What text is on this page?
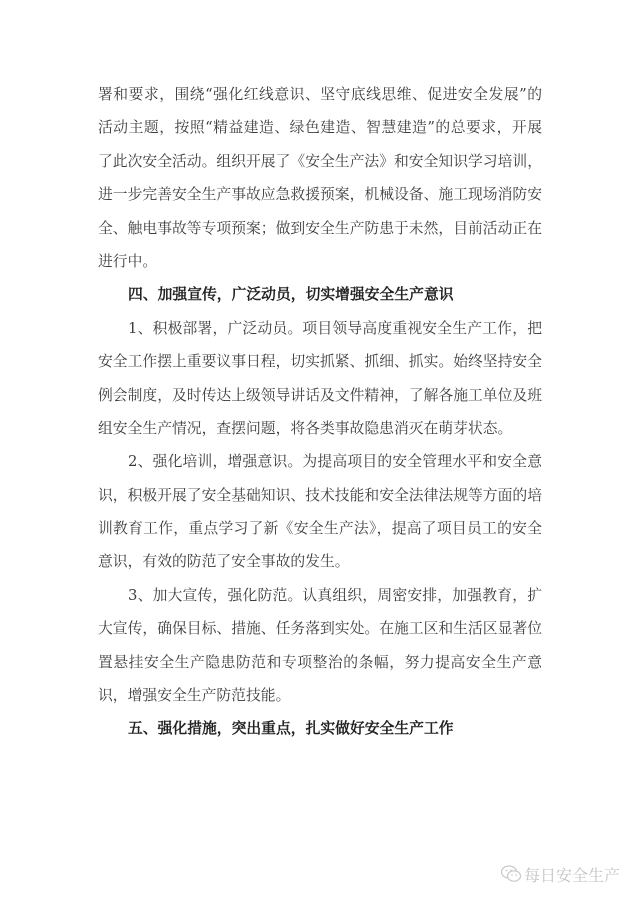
署和要求，围绕“强化红线意识、坚守底线思维、促进安全发展”的
活动主题，按照“精益建造、绿色建造、智慧建造”的总要求，开展
了此次安全活动。组织开展了《安全生产法》和安全知识学习培训，
进一步完善安全生产事故应急救援预案，机械设备、施工现场消防安
全、触电事故等专项预案；做到安全生产防患于未然，目前活动正在
进行中。
四、加强宣传，广泛动员，切实增强安全生产意识
1、积极部署，广泛动员。项目领导高度重视安全生产工作，把
安全工作摆上重要议事日程，切实抓紧、抓细、抓实。始终坚持安全
例会制度，及时传达上级领导讲话及文件精神，了解各施工单位及班
组安全生产情况，查摆问题，将各类事故隐患消灭在萌芽状态。
2、强化培训，增强意识。为提高项目的安全管理水平和安全意
识，积极开展了安全基础知识、技术技能和安全法律法规等方面的培
训教育工作，重点学习了新《安全生产法》，提高了项目员工的安全
意识，有效的防范了安全事故的发生。
3、加大宣传，强化防范。认真组织，周密安排，加强教育，扩
大宣传，确保目标、措施、任务落到实处。在施工区和生活区显著位
置悬挂安全生产隐患防范和专项整治的条幅，努力提高安全生产意
识，增强安全生产防范技能。
五、强化措施，突出重点，扎实做好安全生产工作
每日安全生产
